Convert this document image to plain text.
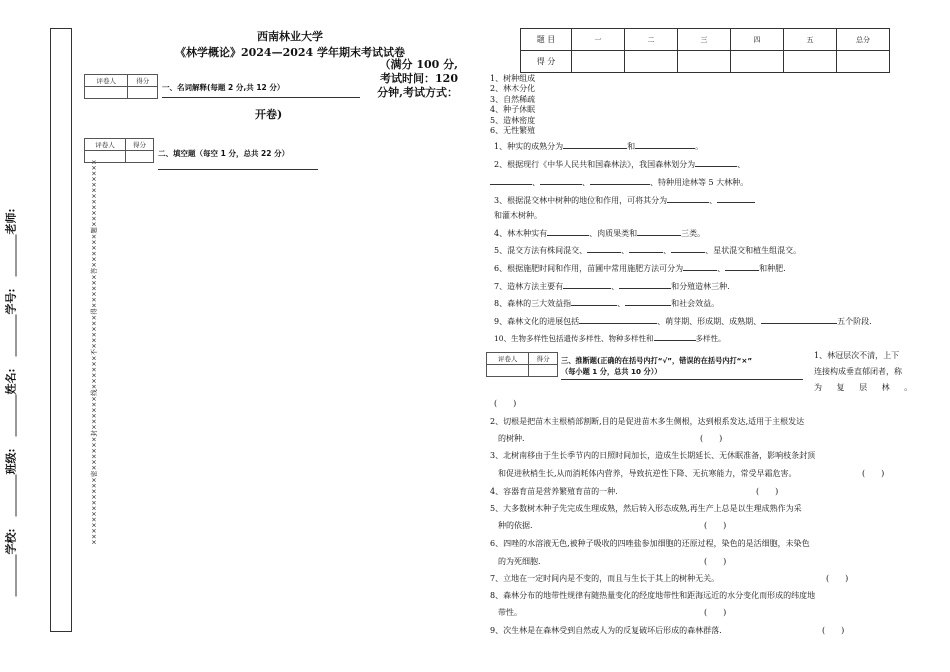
××××××××××××密××××××封××××××线××××××不××××××得××××××答××××××题××××××××××××
学校:
班级:
姓名:
学号:
老师:
西南林业大学
《林学概论》2024—2024 学年期末考试试卷
（满分 100 分,
考试时间：120
分钟,考试方式：
开卷)
评卷人	得分

一、名词解释(每题 2 分,共 12 分）
评卷人	得分

二、填空题（每空 1 分，总共 22 分）
题 目	一	二	三	四	五	总分
得 分						
1、树种组成
2、林木分化
3、自然稀疏
4、种子休眠
5、造林密度
6、无性繁殖
1、种实的成熟分为	和	。
2、根据现行《中华人民共和国森林法》，我国森林划分为	、
、	、	、特种用途林等 5 大林种。
3、根据混交林中树种的地位和作用，可将其分为	、
和灌木树种。
4、林木种实有	、肉质果类和	三类。
5、混交方法有株间混交、	、	、	、星状混交和植生组混交。
6、根据施肥时间和作用，苗圃中常用施肥方法可分为	、	和种肥.
7、造林方法主要有	、	和分殖造林三种.
8、森林的三大效益指	、	和社会效益。
9、森林文化的进展包括	、萌芽期、形成期、成熟期、	五个阶段.
10、生物多样性包括遗传多样性、物种多样性和	多样性。
评卷人	得分
	三、推断题(正确的在括号内打“√”，错误的在括号内打“×”
（每小题 1 分，总共 10 分））
1、林冠层次不清，上下
连接构成垂直郁闭者，称
为 复 层 林 。
(　　)
2、切根是把苗木主根梢部割断,目的是促进苗木多生侧根，达到根系发达,适用于主根发达
的树种.	(　　)
3、北树南移由于生长季节内的日照时间加长，造成生长期延长、无休眠准备，影响枝条封顶
和促进秋梢生长,从而消耗体内营养，导致抗逆性下降、无抗寒能力，常受早霜危害。	(　　)
4、容器育苗是营养繁殖育苗的一种.	(　　)
5、大多数树木种子先完成生理成熟，然后转入形态成熟,再生产上总是以生理成熟作为采
种的依据.	(　　)
6、四唑的水溶液无色,被种子吸收的四唑盐参加细胞的还原过程，染色的是活细胞，未染色
的为死细胞.	(　　)
7、立地在一定时间内是不变的，而且与生长于其上的树种无关。	(　　)
8、森林分布的地带性规律有随热量变化的经度地带性和距海远近的水分变化而形成的纬度地
带性。	(　　)
9、次生林是在森林受到自然或人为的反复破坏后形成的森林群落.	(　　)
